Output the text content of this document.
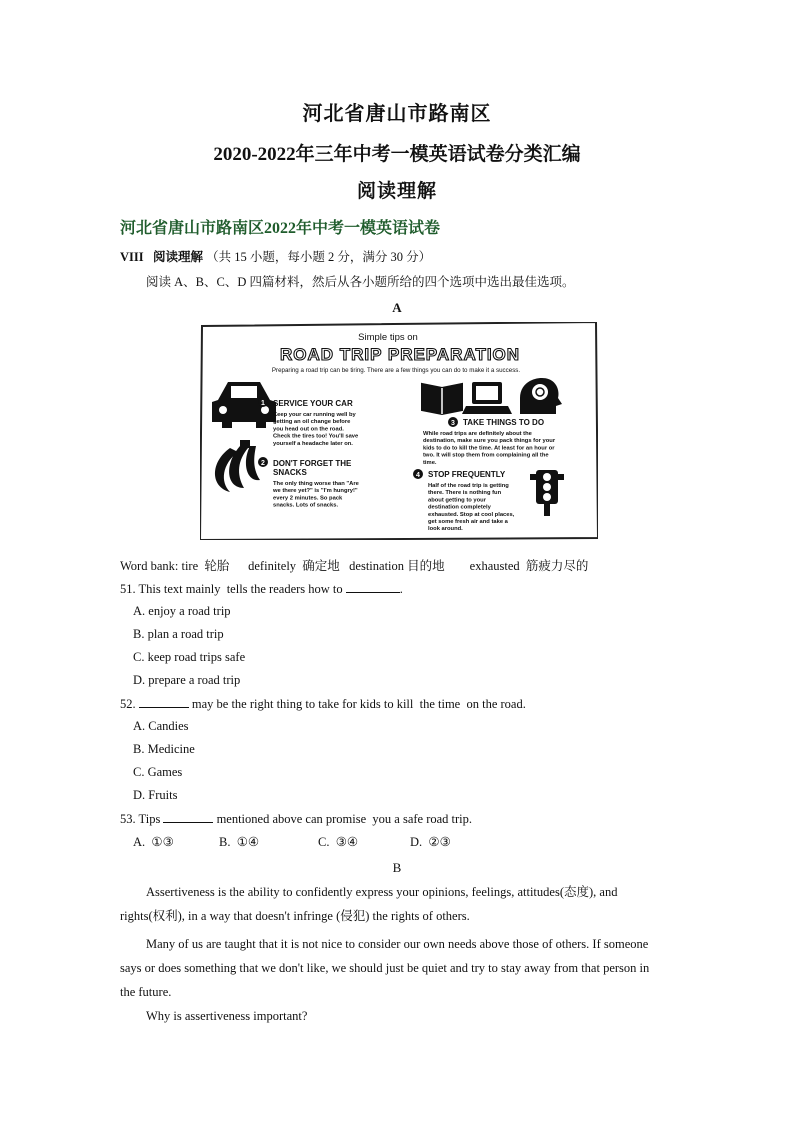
河北省唐山市路南区
2020-2022年三年中考一模英语试卷分类汇编
阅读理解
河北省唐山市路南区2022年中考一模英语试卷
VIII 阅读理解 （共 15 小题，每小题 2 分，满分 30 分）
阅读 A、B、C、D 四篇材料，然后从各小题所给的四个选项中选出最佳选项。
A
Simple tips on
ROAD TRIP PREPARATION
Preparing a road trip can be tiring. There are a few things you can do to make it a success.
1 SERVICE YOUR CAR
Keep your car running well by
getting an oil change before
you head out on the road.
Check the tires too! You'll save
yourself a headache later on.
2 DON'T FORGET THE
SNACKS
The only thing worse than "Are
we there yet?" is "I'm hungry!"
every 2 minutes. So pack
snacks. Lots of snacks.
3 TAKE THINGS TO DO
While road trips are definitely about the
destination, make sure you pack things for your
kids to do to kill the time. At least for an hour or
two. It will stop them from complaining all the
time.
4 STOP FREQUENTLY
Half of the road trip is getting
there. There is nothing fun
about getting to your
destination completely
exhausted. Stop at cool places,
get some fresh air and take a
look around.
Word bank: tire  轮胎      definitely  确定地   destination 目的地        exhausted  筋疲力尽的
51. This text mainly  tells the readers how to	.
A. enjoy a road trip
B. plan a road trip
C. keep road trips safe
D. prepare a road trip
52.	may be the right thing to take for kids to kill  the time  on the road.
A. Candies
B. Medicine
C. Games
D. Fruits
53. Tips	mentioned above can promise  you a safe road trip.
A.  ①③	B.  ①④	C.  ③④	D.  ②③
B

Assertiveness is the ability to confidently express your opinions, feelings, attitudes(态度), and rights(权利), in a way that doesn't infringe (侵犯) the rights of others.

Many of us are taught that it is not nice to consider our own needs above those of others. If someone says or does something that we don't like, we should just be quiet and try to stay away from that person in the future.

Why is assertiveness important?
